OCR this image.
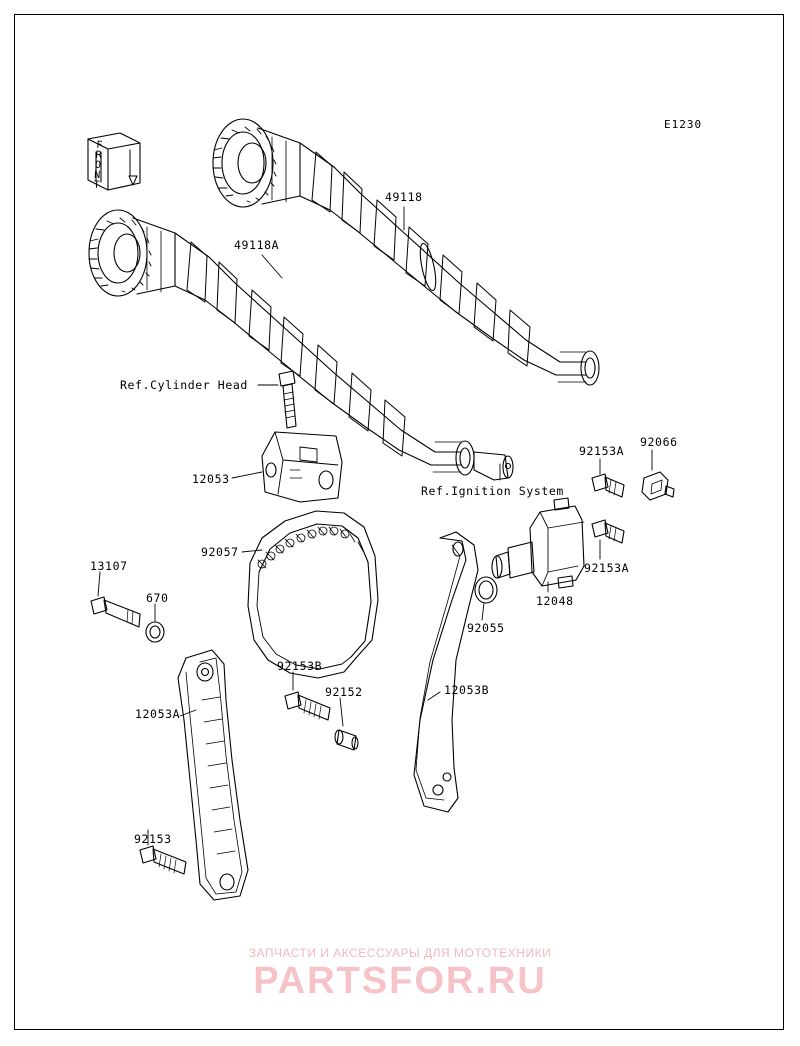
E1230
49118
49118A
Ref.Cylinder Head
Ref.Ignition System
12053
92153A
92066
92153A
12048
92055
92057
13107
670
92153B
92152	12053B
12053A
92153
FRONT
ЗАПЧАСТИ И АКСЕССУАРЫ ДЛЯ МОТОТЕХНИКИ
PARTSFOR.RU
